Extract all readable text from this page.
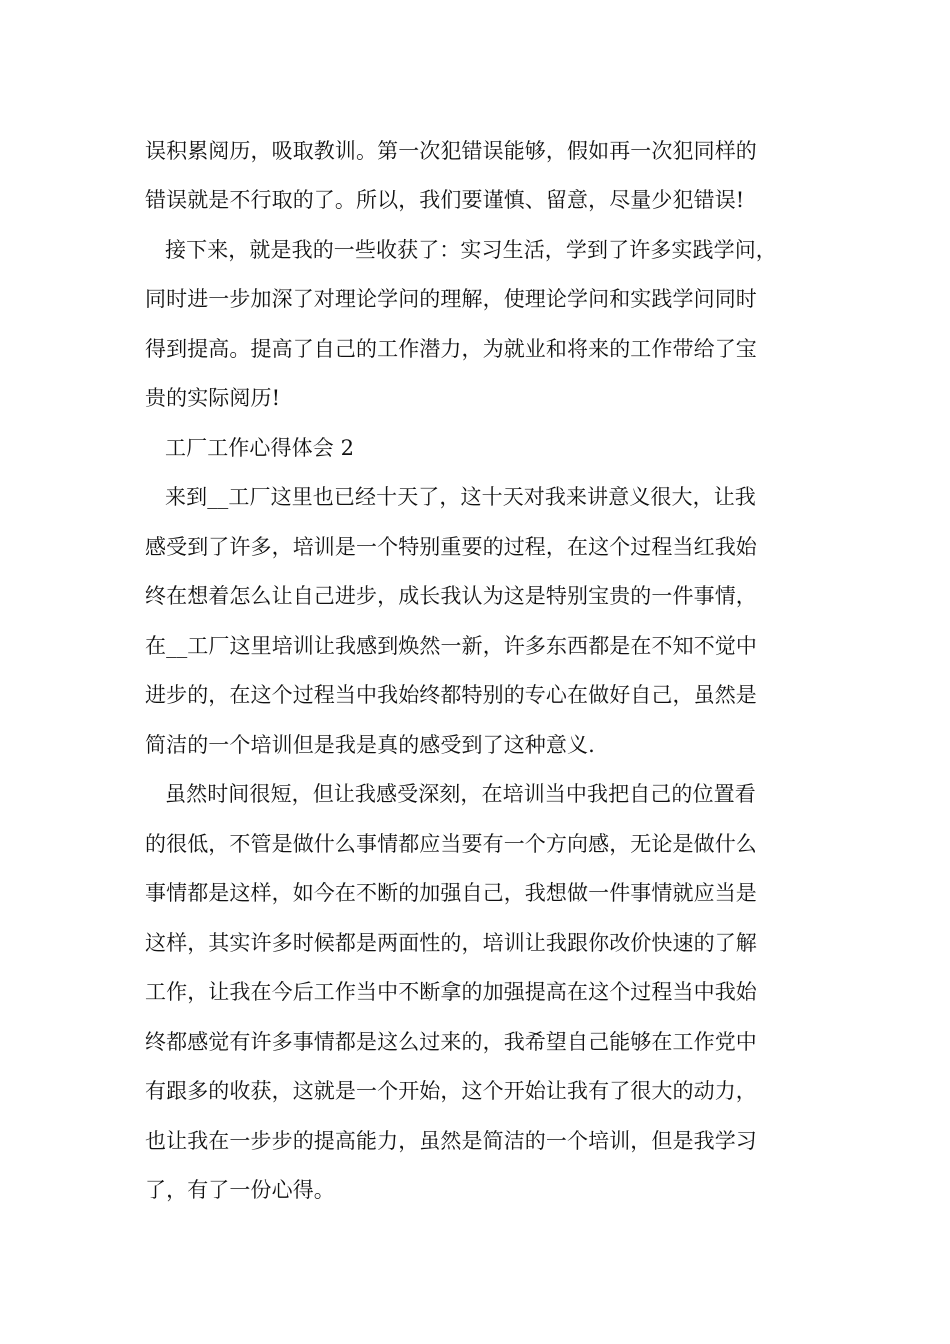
误积累阅历，吸取教训。第一次犯错误能够，假如再一次犯同样的
错误就是不行取的了。所以，我们要谨慎、留意，尽量少犯错误!
接下来，就是我的一些收获了：实习生活，学到了许多实践学问，
同时进一步加深了对理论学问的理解，使理论学问和实践学问同时
得到提高。提高了自己的工作潜力，为就业和将来的工作带给了宝
贵的实际阅历!
工厂工作心得体会 2
来到__工厂这里也已经十天了，这十天对我来讲意义很大，让我
感受到了许多，培训是一个特别重要的过程，在这个过程当红我始
终在想着怎么让自己进步，成长我认为这是特别宝贵的一件事情，
在__工厂这里培训让我感到焕然一新，许多东西都是在不知不觉中
进步的，在这个过程当中我始终都特别的专心在做好自己，虽然是
简洁的一个培训但是我是真的感受到了这种意义.
虽然时间很短，但让我感受深刻，在培训当中我把自己的位置看
的很低，不管是做什么事情都应当要有一个方向感，无论是做什么
事情都是这样，如今在不断的加强自己，我想做一件事情就应当是
这样，其实许多时候都是两面性的，培训让我跟你改价快速的了解
工作，让我在今后工作当中不断拿的加强提高在这个过程当中我始
终都感觉有许多事情都是这么过来的，我希望自己能够在工作党中
有跟多的收获，这就是一个开始，这个开始让我有了很大的动力，
也让我在一步步的提高能力，虽然是简洁的一个培训，但是我学习
了，有了一份心得。
